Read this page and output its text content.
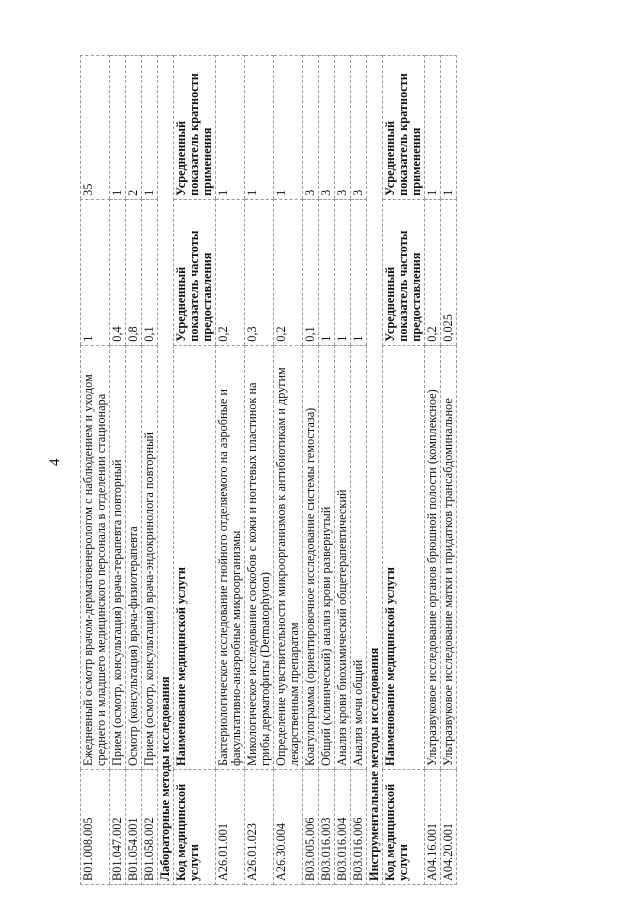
4
B01.008.005	Ежедневный осмотр врачом-дерматовенерологом с наблюдением и уходом среднего и младшего медицинского персонала в отделении стационара	1	35
B01.047.002	Прием (осмотр, консультация) врача-терапевта повторный	0,4	1
B01.054.001	Осмотр (консультация) врача-физиотерапевта	0,8	2
B01.058.002	Прием (осмотр, консультация) врача-эндокринолога повторный	0,1	1
Лабораторные методы исследования			
Код медицинской услуги	Наименование медицинской услуги	Усредненный показатель частоты предоставления	Усредненный показатель кратности применения
A26.01.001	Бактериологическое исследование гнойного отделяемого на аэробные и факультативно-анаэробные микроорганизмы	0,2	1
A26.01.023	Микологическое исследование соскобов с кожи и ногтевых пластинок на грибы дерматофиты (Dermatophyton)	0,3	1
A26.30.004	Определение чувствительности микроорганизмов к антибиотикам и другим лекарственным препаратам	0,2	1
B03.005.006	Коагулограмма (ориентировочное исследование системы гемостаза)	0,1	3
B03.016.003	Общий (клинический) анализ крови развернутый	1	3
B03.016.004	Анализ крови биохимический общетерапевтический	1	3
B03.016.006	Анализ мочи общий	1	3
Инструментальные методы исследования			
Код медицинской услуги	Наименование медицинской услуги	Усредненный показатель частоты предоставления	Усредненный показатель кратности применения
A04.16.001	Ультразвуковое исследование органов брюшной полости (комплексное)	0,2	1
A04.20.001	Ультразвуковое исследование матки и придатков трансабдоминальное	0,025	1
